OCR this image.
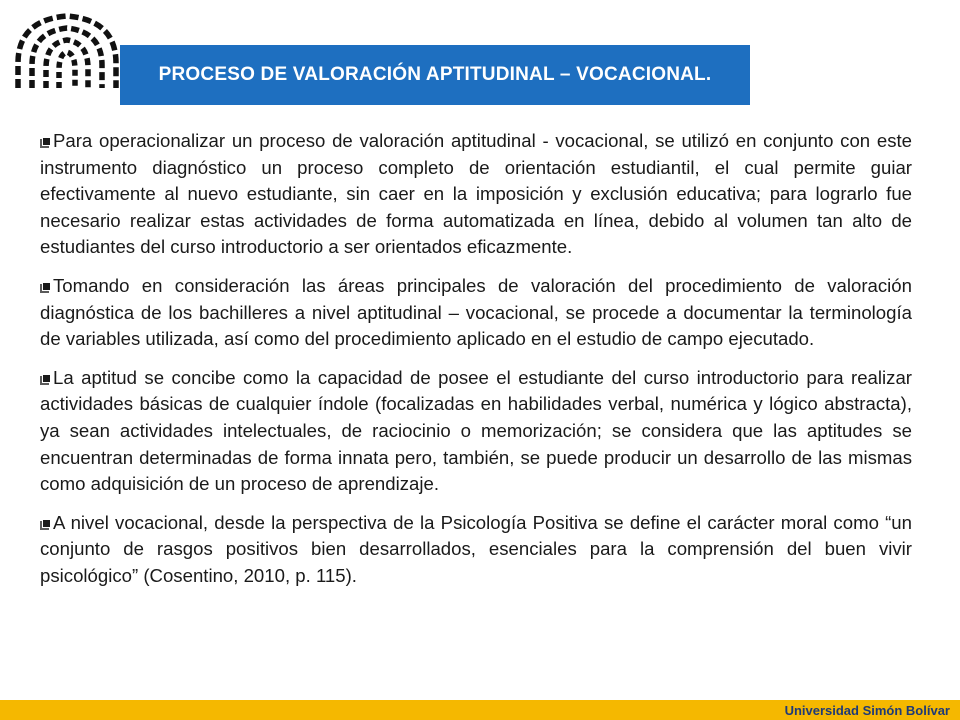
PROCESO DE VALORACIÓN APTITUDINAL – VOCACIONAL.

Para operacionalizar un proceso de valoración aptitudinal - vocacional, se utilizó en conjunto con este instrumento diagnóstico un proceso completo de orientación estudiantil, el cual permite guiar efectivamente al nuevo estudiante, sin caer en la imposición y exclusión educativa; para lograrlo fue necesario realizar estas actividades de forma automatizada en línea, debido al volumen tan alto de estudiantes del curso introductorio a ser orientados eficazmente.

Tomando en consideración las áreas principales de valoración del procedimiento de valoración diagnóstica de los bachilleres a nivel aptitudinal – vocacional, se procede a documentar la terminología de variables utilizada, así como del procedimiento aplicado en el estudio de campo ejecutado.

La aptitud se concibe como la capacidad de posee el estudiante del curso introductorio para realizar actividades básicas de cualquier índole (focalizadas en habilidades verbal, numérica y lógico abstracta), ya sean actividades intelectuales, de raciocinio o memorización; se considera que las aptitudes se encuentran determinadas de forma innata pero, también, se puede producir un desarrollo de las mismas como adquisición de un proceso de aprendizaje.

A nivel vocacional, desde la perspectiva de la Psicología Positiva se define el carácter moral como “un conjunto de rasgos positivos bien desarrollados, esenciales para la comprensión del buen vivir psicológico” (Cosentino, 2010, p. 115).

Universidad Simón Bolívar
